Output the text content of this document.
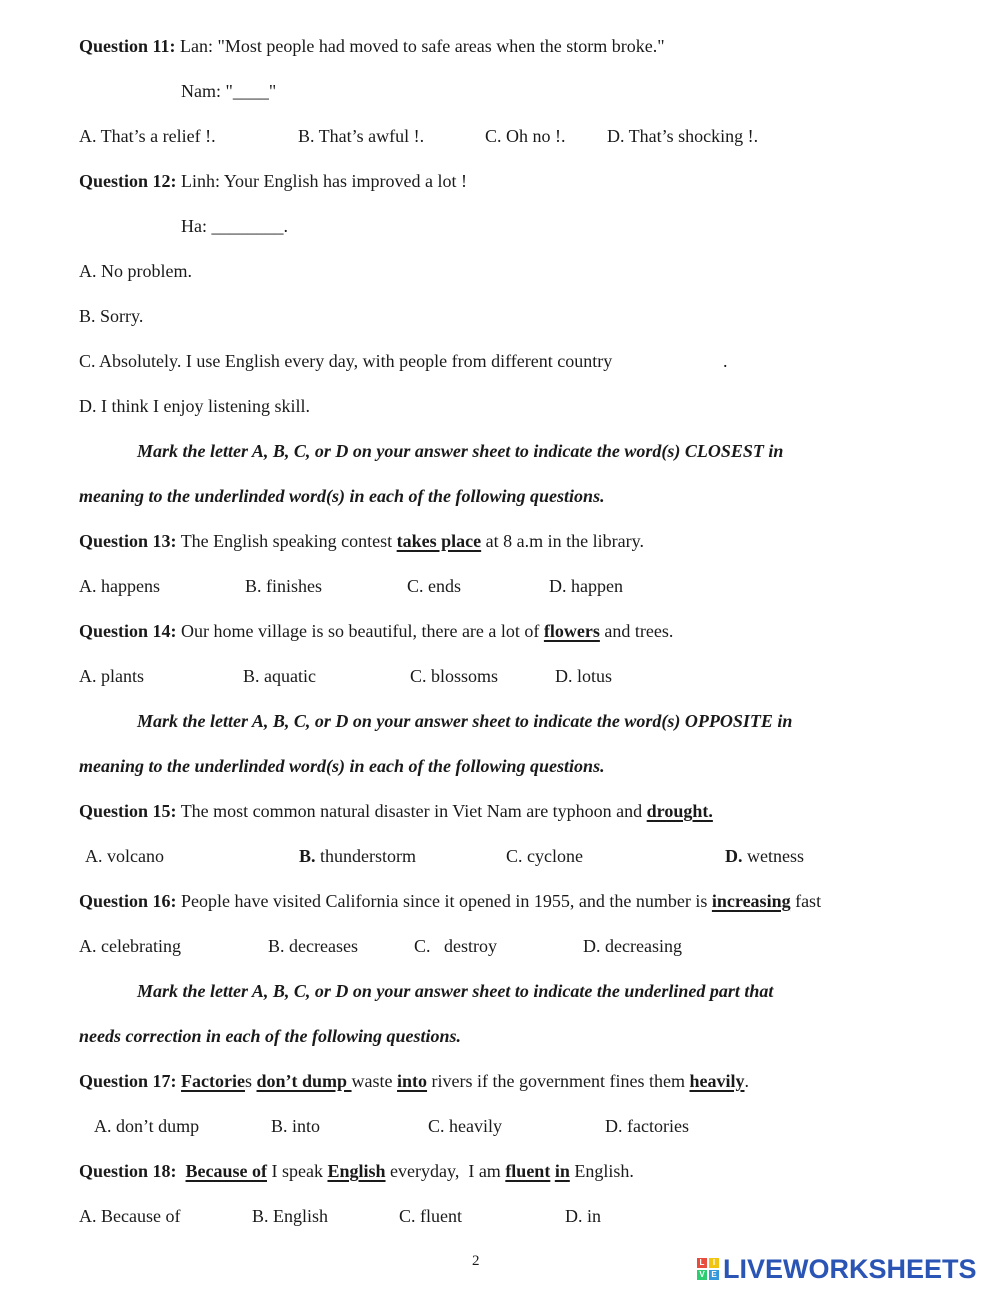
Question 11: Lan: "Most people had moved to safe areas when the storm broke."
Nam: "____"
A. That’s a relief !.	B. That’s awful !.	C. Oh no !. D. That’s shocking !.
Question 12: Linh: Your English has improved a lot !
Ha: ________.
A. No problem.
B. Sorry.
C. Absolutely. I use English every day, with people from different country	.
D. I think I enjoy listening skill.
Mark the letter A, B, C, or D on your answer sheet to indicate the word(s) CLOSEST in
meaning to the underlinded word(s) in each of the following questions.
Question 13: The English speaking contest takes place at 8 a.m in the library.
A. happens	B. finishes	C. ends	D. happen
Question 14: Our home village is so beautiful, there are a lot of flowers and trees.
A. plants	B. aquatic	C. blossoms	D. lotus
Mark the letter A, B, C, or D on your answer sheet to indicate the word(s) OPPOSITE in
meaning to the underlinded word(s) in each of the following questions.
Question 15: The most common natural disaster in Viet Nam are typhoon and drought.
A. volcano	B. thunderstorm	C. cyclone	D. wetness
Question 16: People have visited California since it opened in 1955, and the number is increasing fast
A. celebrating	B. decreases	C.   destroy	D. decreasing
Mark the letter A, B, C, or D on your answer sheet to indicate the underlined part that
needs correction in each of the following questions.
Question 17: Factories don’t dump waste into rivers if the government fines them heavily.
A. don’t dump	B. into	C. heavily	D. factories
Question 18: Because of I speak English everyday,  I am fluent in English.
A. Because of	B. English	C. fluent	D. in
2	L	I
V E LIVEWORKSHEETS
